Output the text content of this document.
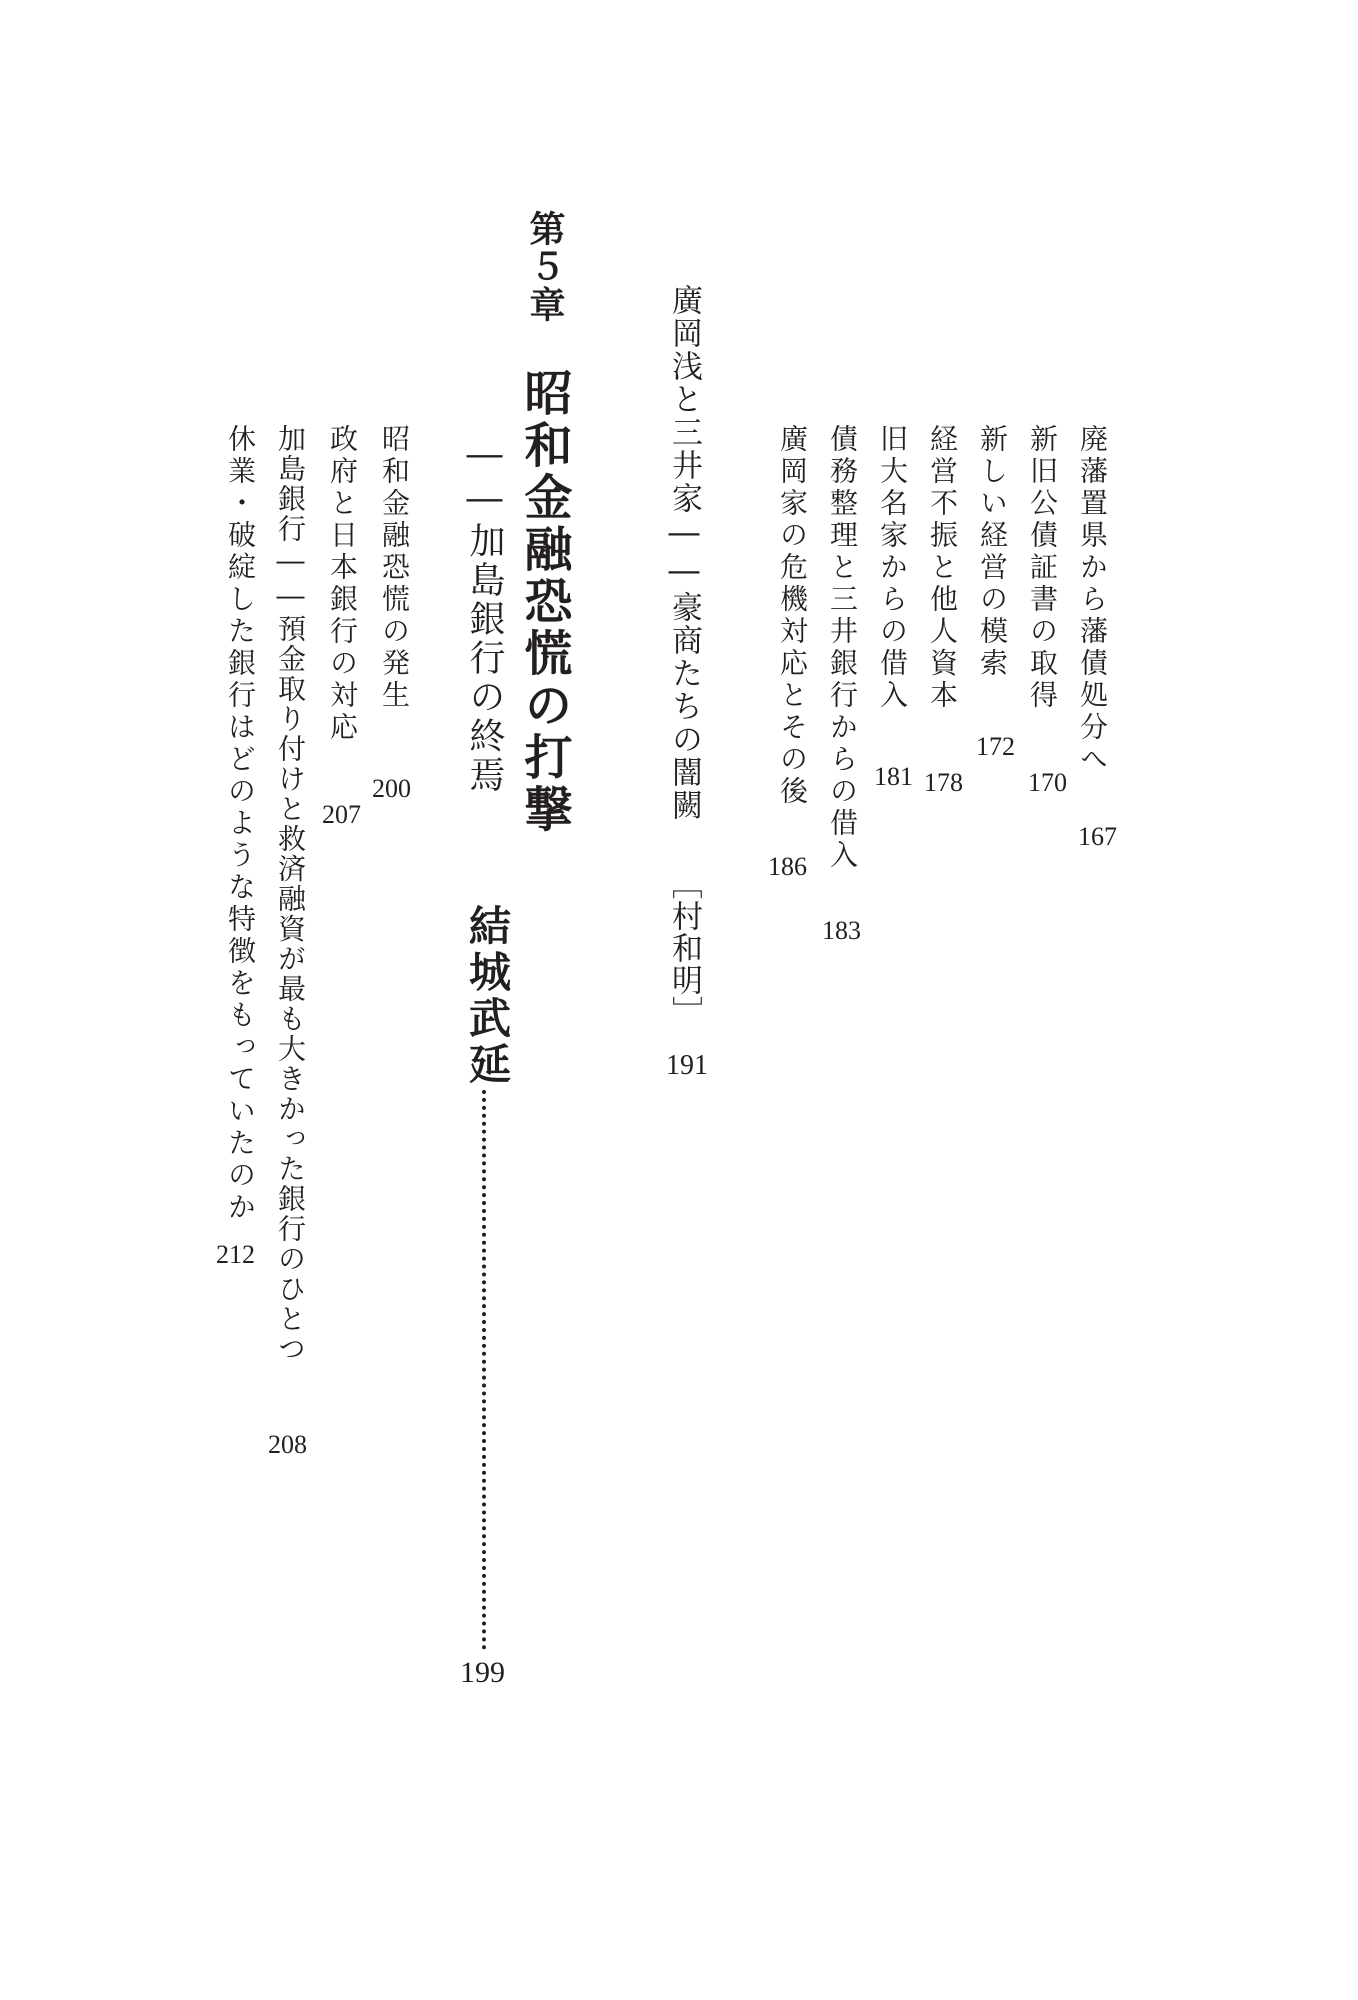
廣岡浅と三井家――豪商たちの闇闕
［村和明］
191
廃藩置県から藩債処分へ
167
新旧公債証書の取得
170
新しい経営の模索
172
経営不振と他人資本
178
旧大名家からの借入
181
債務整理と三井銀行からの借入
183
廣岡家の危機対応とその後
186
第５章
昭和金融恐慌の打撃
――加島銀行の終焉
結城武延
199
昭和金融恐慌の発生
200
政府と日本銀行の対応
207
加島銀行――預金取り付けと救済融資が最も大きかった銀行のひとつ
208
休業・破綻した銀行はどのような特徴をもっていたのか
212
